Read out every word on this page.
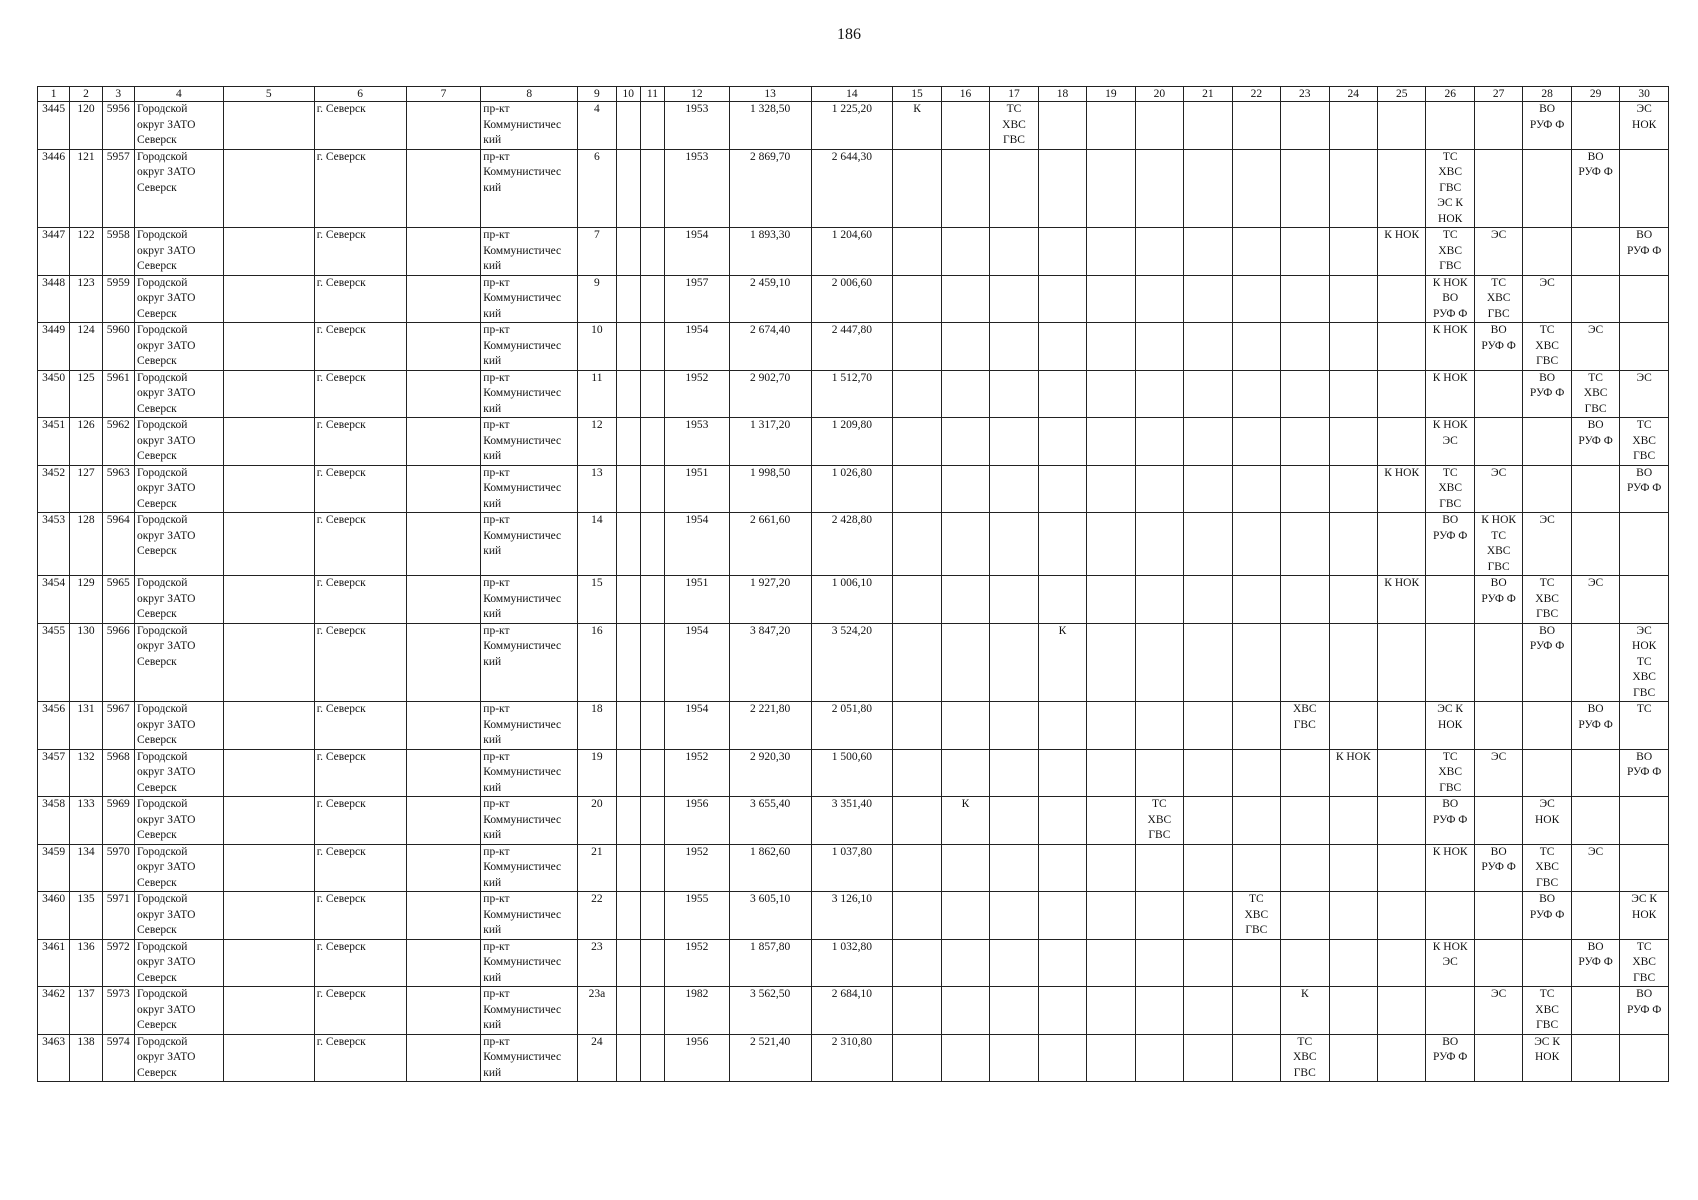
186
1	2	3	4	5	6	7	8	9	10	11	12	13	14	15	16	17	18	19	20	21	22	23	24	25	26	27	28	29	30
3445	120	5956	Городской
округ ЗАТО
Северск		г. Северск		пр-кт
Коммунистичес
кий	4			1953	1 328,50	1 225,20	К		ТС
ХВС
ГВС											ВО
РУФ Ф		ЭС
НОК
3446	121	5957	Городской
округ ЗАТО
Северск		г. Северск		пр-кт
Коммунистичес
кий	6			1953	2 869,70	2 644,30												ТС
ХВС
ГВС
ЭС К
НОК			ВО
РУФ Ф	
3447	122	5958	Городской
округ ЗАТО
Северск		г. Северск		пр-кт
Коммунистичес
кий	7			1954	1 893,30	1 204,60											К НОК	ТС
ХВС
ГВС	ЭС			ВО
РУФ Ф
3448	123	5959	Городской
округ ЗАТО
Северск		г. Северск		пр-кт
Коммунистичес
кий	9			1957	2 459,10	2 006,60												К НОК
ВО
РУФ Ф	ТС
ХВС
ГВС	ЭС		
3449	124	5960	Городской
округ ЗАТО
Северск		г. Северск		пр-кт
Коммунистичес
кий	10			1954	2 674,40	2 447,80												К НОК	ВО
РУФ Ф	ТС
ХВС
ГВС	ЭС	
3450	125	5961	Городской
округ ЗАТО
Северск		г. Северск		пр-кт
Коммунистичес
кий	11			1952	2 902,70	1 512,70												К НОК		ВО
РУФ Ф	ТС
ХВС
ГВС	ЭС
3451	126	5962	Городской
округ ЗАТО
Северск		г. Северск		пр-кт
Коммунистичес
кий	12			1953	1 317,20	1 209,80												К НОК
ЭС			ВО
РУФ Ф	ТС
ХВС
ГВС
3452	127	5963	Городской
округ ЗАТО
Северск		г. Северск		пр-кт
Коммунистичес
кий	13			1951	1 998,50	1 026,80											К НОК	ТС
ХВС
ГВС	ЭС			ВО
РУФ Ф
3453	128	5964	Городской
округ ЗАТО
Северск		г. Северск		пр-кт
Коммунистичес
кий	14			1954	2 661,60	2 428,80												ВО
РУФ Ф	К НОК
ТС
ХВС
ГВС	ЭС		
3454	129	5965	Городской
округ ЗАТО
Северск		г. Северск		пр-кт
Коммунистичес
кий	15			1951	1 927,20	1 006,10											К НОК		ВО
РУФ Ф	ТС
ХВС
ГВС	ЭС	
3455	130	5966	Городской
округ ЗАТО
Северск		г. Северск		пр-кт
Коммунистичес
кий	16			1954	3 847,20	3 524,20				К										ВО
РУФ Ф		ЭС
НОК
ТС
ХВС
ГВС
3456	131	5967	Городской
округ ЗАТО
Северск		г. Северск		пр-кт
Коммунистичес
кий	18			1954	2 221,80	2 051,80									ХВС
ГВС			ЭС К
НОК			ВО
РУФ Ф	ТС
3457	132	5968	Городской
округ ЗАТО
Северск		г. Северск		пр-кт
Коммунистичес
кий	19			1952	2 920,30	1 500,60										К НОК		ТС
ХВС
ГВС	ЭС			ВО
РУФ Ф
3458	133	5969	Городской
округ ЗАТО
Северск		г. Северск		пр-кт
Коммунистичес
кий	20			1956	3 655,40	3 351,40		К				ТС
ХВС
ГВС						ВО
РУФ Ф		ЭС
НОК		
3459	134	5970	Городской
округ ЗАТО
Северск		г. Северск		пр-кт
Коммунистичес
кий	21			1952	1 862,60	1 037,80												К НОК	ВО
РУФ Ф	ТС
ХВС
ГВС	ЭС	
3460	135	5971	Городской
округ ЗАТО
Северск		г. Северск		пр-кт
Коммунистичес
кий	22			1955	3 605,10	3 126,10								ТС
ХВС
ГВС						ВО
РУФ Ф		ЭС К
НОК
3461	136	5972	Городской
округ ЗАТО
Северск		г. Северск		пр-кт
Коммунистичес
кий	23			1952	1 857,80	1 032,80												К НОК
ЭС			ВО
РУФ Ф	ТС
ХВС
ГВС
3462	137	5973	Городской
округ ЗАТО
Северск		г. Северск		пр-кт
Коммунистичес
кий	23а			1982	3 562,50	2 684,10									К				ЭС	ТС
ХВС
ГВС		ВО
РУФ Ф
3463	138	5974	Городской
округ ЗАТО
Северск		г. Северск		пр-кт
Коммунистичес
кий	24			1956	2 521,40	2 310,80									ТС
ХВС
ГВС			ВО
РУФ Ф		ЭС К
НОК		
